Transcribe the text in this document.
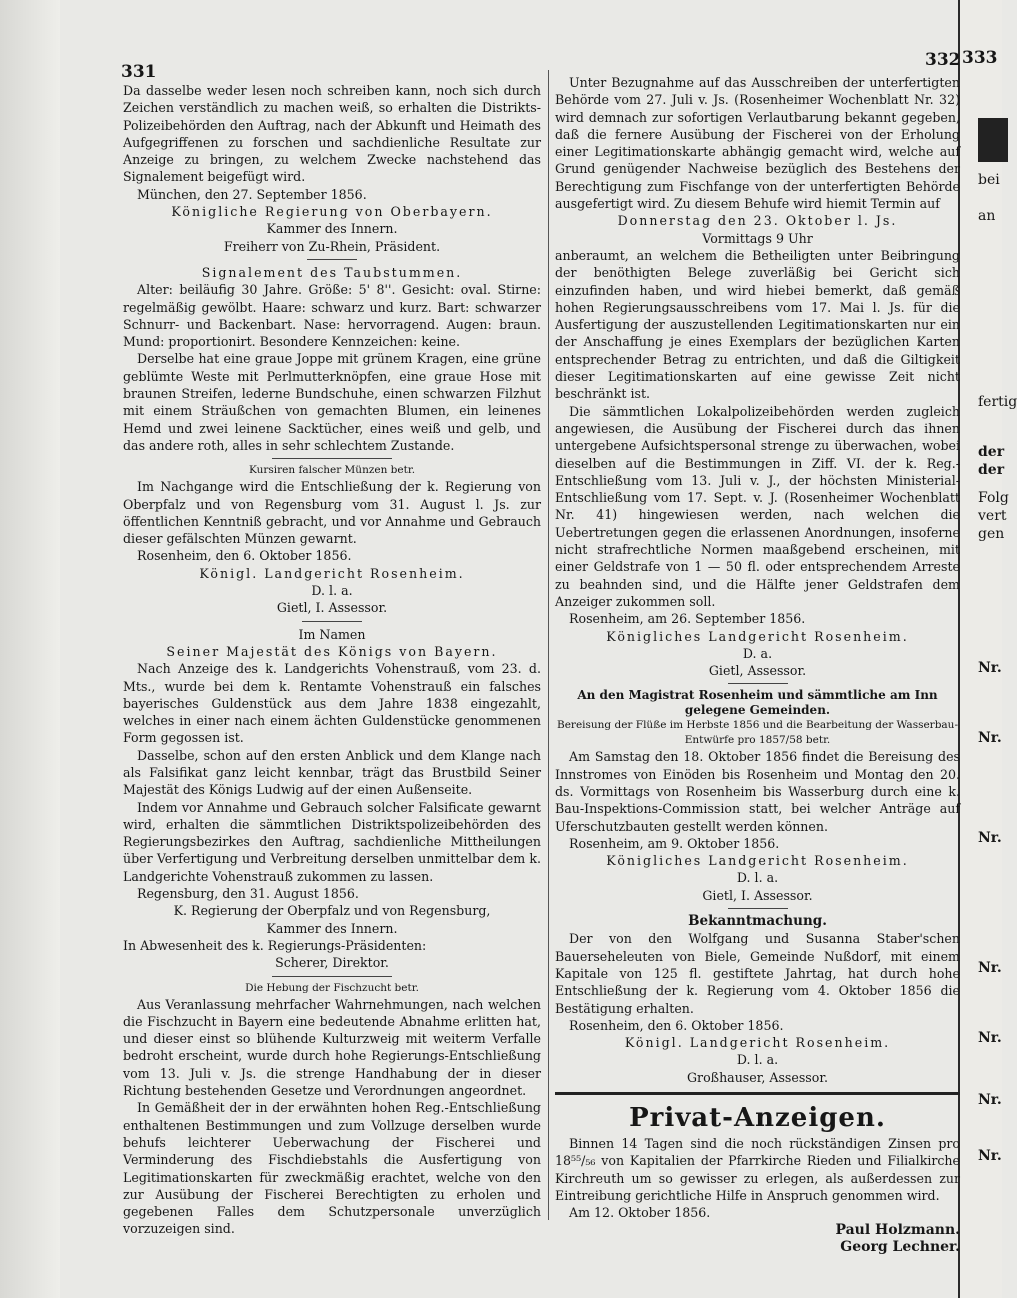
333
bei
an
fertig
der
der
Folg
vert
gen
Nr.
Nr.
Nr.
Nr.
Nr.
Nr.
Nr.
331
332

Da dasselbe weder lesen noch schreiben kann, noch sich durch Zeichen verständlich zu machen weiß, so erhalten die Distrikts-Polizeibehörden den Auftrag, nach der Abkunft und Heimath des Aufgegriffenen zu forschen und sachdienliche Resultate zur Anzeige zu bringen, zu welchem Zwecke nachstehend das Signalement beigefügt wird.

München, den 27. September 1856.

Königliche Regierung von Oberbayern.

Kammer des Innern.

Freiherr von Zu-Rhein, Präsident.

Signalement des Taubstummen.

Alter: beiläufig 30 Jahre. Größe: 5' 8''. Gesicht: oval. Stirne: regelmäßig gewölbt. Haare: schwarz und kurz. Bart: schwarzer Schnurr- und Backenbart. Nase: hervorragend. Augen: braun. Mund: proportionirt. Besondere Kennzeichen: keine.

Derselbe hat eine graue Joppe mit grünem Kragen, eine grüne geblümte Weste mit Perlmutterknöpfen, eine graue Hose mit braunen Streifen, lederne Bundschuhe, einen schwarzen Filzhut mit einem Sträußchen von gemachten Blumen, ein leinenes Hemd und zwei leinene Sacktücher, eines weiß und gelb, und das andere roth, alles in sehr schlechtem Zustande.

Kursiren falscher Münzen betr.

Im Nachgange wird die Entschließung der k. Regierung von Oberpfalz und von Regensburg vom 31. August l. Js. zur öffentlichen Kenntniß gebracht, und vor Annahme und Gebrauch dieser gefälschten Münzen gewarnt.

Rosenheim, den 6. Oktober 1856.

Königl. Landgericht Rosenheim.

D. l. a.

Gietl, I. Assessor.

Im Namen

Seiner Majestät des Königs von Bayern.

Nach Anzeige des k. Landgerichts Vohenstrauß, vom 23. d. Mts., wurde bei dem k. Rentamte Vohenstrauß ein falsches bayerisches Guldenstück aus dem Jahre 1838 eingezahlt, welches in einer nach einem ächten Guldenstücke genommenen Form gegossen ist.

Dasselbe, schon auf den ersten Anblick und dem Klange nach als Falsifikat ganz leicht kennbar, trägt das Brustbild Seiner Majestät des Königs Ludwig auf der einen Außenseite.

Indem vor Annahme und Gebrauch solcher Falsificate gewarnt wird, erhalten die sämmtlichen Distriktspolizeibehörden des Regierungsbezirkes den Auftrag, sachdienliche Mittheilungen über Verfertigung und Verbreitung derselben unmittelbar dem k. Landgerichte Vohenstrauß zukommen zu lassen.

Regensburg, den 31. August 1856.

K. Regierung der Oberpfalz und von Regensburg,

Kammer des Innern.

In Abwesenheit des k. Regierungs-Präsidenten:

Scherer, Direktor.

Die Hebung der Fischzucht betr.

Aus Veranlassung mehrfacher Wahrnehmungen, nach welchen die Fischzucht in Bayern eine bedeutende Abnahme erlitten hat, und dieser einst so blühende Kulturzweig mit weiterm Verfalle bedroht erscheint, wurde durch hohe Regierungs-Entschließung vom 13. Juli v. Js. die strenge Handhabung der in dieser Richtung bestehenden Gesetze und Verordnungen angeordnet.

In Gemäßheit der in der erwähnten hohen Reg.-Entschließung enthaltenen Bestimmungen und zum Vollzuge derselben wurde behufs leichterer Ueberwachung der Fischerei und Verminderung des Fischdiebstahls die Ausfertigung von Legitimationskarten für zweckmäßig erachtet, welche von den zur Ausübung der Fischerei Berechtigten zu erholen und gegebenen Falles dem Schutzpersonale unverzüglich vorzuzeigen sind.

Unter Bezugnahme auf das Ausschreiben der unterfertigten Behörde vom 27. Juli v. Js. (Rosenheimer Wochenblatt Nr. 32) wird demnach zur sofortigen Verlautbarung bekannt gegeben, daß die fernere Ausübung der Fischerei von der Erholung einer Legitimationskarte abhängig gemacht wird, welche auf Grund genügender Nachweise bezüglich des Bestehens der Berechtigung zum Fischfange von der unterfertigten Behörde ausgefertigt wird. Zu diesem Behufe wird hiemit Termin auf

Donnerstag den 23. Oktober l. Js.

Vormittags 9 Uhr

anberaumt, an welchem die Betheiligten unter Beibringung der benöthigten Belege zuverläßig bei Gericht sich einzufinden haben, und wird hiebei bemerkt, daß gemäß hohen Regierungsausschreibens vom 17. Mai l. Js. für die Ausfertigung der auszustellenden Legitimationskarten nur ein der Anschaffung je eines Exemplars der bezüglichen Karten entsprechender Betrag zu entrichten, und daß die Giltigkeit dieser Legitimationskarten auf eine gewisse Zeit nicht beschränkt ist.

Die sämmtlichen Lokalpolizeibehörden werden zugleich angewiesen, die Ausübung der Fischerei durch das ihnen untergebene Aufsichtspersonal strenge zu überwachen, wobei dieselben auf die Bestimmungen in Ziff. VI. der k. Reg.-Entschließung vom 13. Juli v. J., der höchsten Ministerial-Entschließung vom 17. Sept. v. J. (Rosenheimer Wochenblatt Nr. 41) hingewiesen werden, nach welchen die Uebertretungen gegen die erlassenen Anordnungen, insoferne nicht strafrechtliche Normen maaßgebend erscheinen, mit einer Geldstrafe von 1 — 50 fl. oder entsprechendem Arreste zu beahnden sind, und die Hälfte jener Geldstrafen dem Anzeiger zukommen soll.

Rosenheim, am 26. September 1856.

Königliches Landgericht Rosenheim.

D. a.

Gietl, Assessor.

An den Magistrat Rosenheim und sämmtliche am Inn gelegene Gemeinden.

Bereisung der Flüße im Herbste 1856 und die Bearbeitung der Wasserbau-Entwürfe pro 1857/58 betr.

Am Samstag den 18. Oktober 1856 findet die Bereisung des Innstromes von Einöden bis Rosenheim und Montag den 20. ds. Vormittags von Rosenheim bis Wasserburg durch eine k. Bau-Inspektions-Commission statt, bei welcher Anträge auf Uferschutzbauten gestellt werden können.

Rosenheim, am 9. Oktober 1856.

Königliches Landgericht Rosenheim.

D. l. a.

Gietl, I. Assessor.

Bekanntmachung.

Der von den Wolfgang und Susanna Staber'schen Bauerseheleuten von Biele, Gemeinde Nußdorf, mit einem Kapitale von 125 fl. gestiftete Jahrtag, hat durch hohe Entschließung der k. Regierung vom 4. Oktober 1856 die Bestätigung erhalten.

Rosenheim, den 6. Oktober 1856.

Königl. Landgericht Rosenheim.

D. l. a.

Großhauser, Assessor.

Privat-Anzeigen.

Binnen 14 Tagen sind die noch rückständigen Zinsen pro 18⁵⁵/₅₆ von Kapitalien der Pfarrkirche Rieden und Filialkirche Kirchreuth um so gewisser zu erlegen, als außerdessen zur Eintreibung gerichtliche Hilfe in Anspruch genommen wird.

Am 12. Oktober 1856.

Paul Holzmann.

Georg Lechner.
